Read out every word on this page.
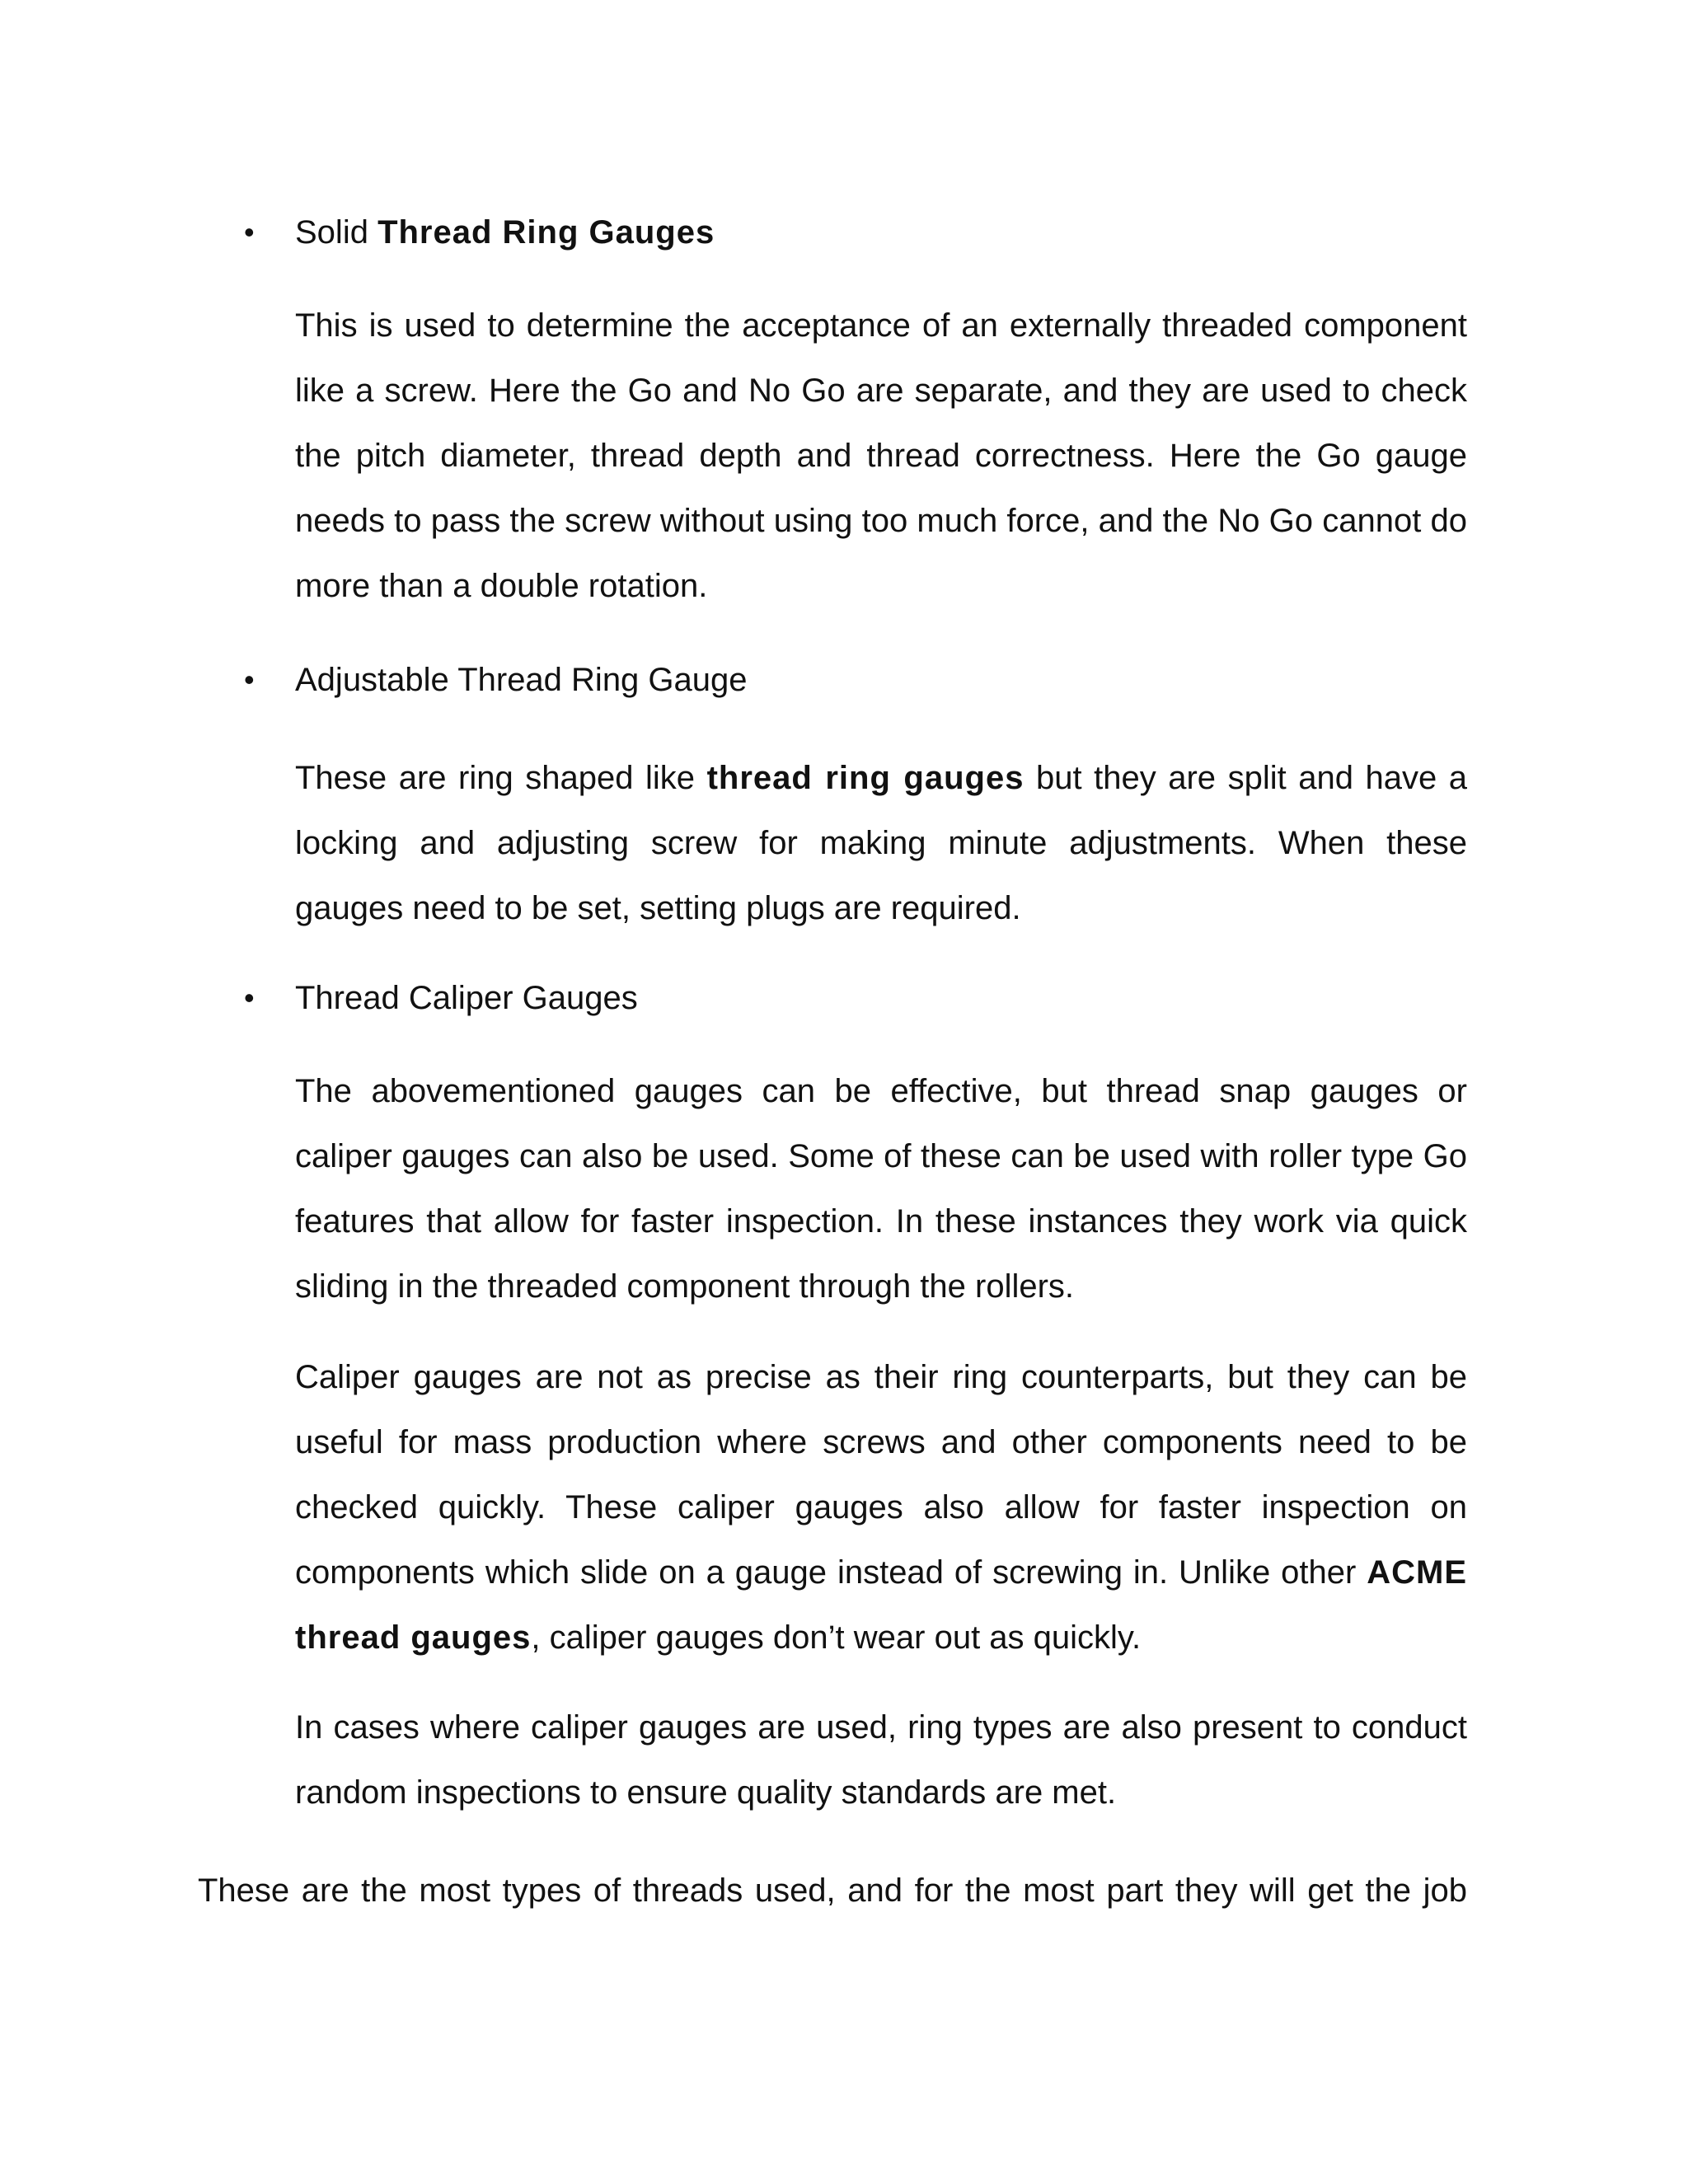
• Solid Thread Ring Gauges
This is used to determine the acceptance of an externally threaded component like a screw. Here the Go and No Go are separate, and they are used to check the pitch diameter, thread depth and thread correctness. Here the Go gauge needs to pass the screw without using too much force, and the No Go cannot do more than a double rotation.
• Adjustable Thread Ring Gauge
These are ring shaped like thread ring gauges but they are split and have a locking and adjusting screw for making minute adjustments. When these gauges need to be set, setting plugs are required.
• Thread Caliper Gauges
The abovementioned gauges can be effective, but thread snap gauges or caliper gauges can also be used. Some of these can be used with roller type Go features that allow for faster inspection. In these instances they work via quick sliding in the threaded component through the rollers.
Caliper gauges are not as precise as their ring counterparts, but they can be useful for mass production where screws and other components need to be checked quickly. These caliper gauges also allow for faster inspection on components which slide on a gauge instead of screwing in. Unlike other ACME thread gauges, caliper gauges don’t wear out as quickly.
In cases where caliper gauges are used, ring types are also present to conduct random inspections to ensure quality standards are met.
These are the most types of threads used, and for the most part they will get the job
